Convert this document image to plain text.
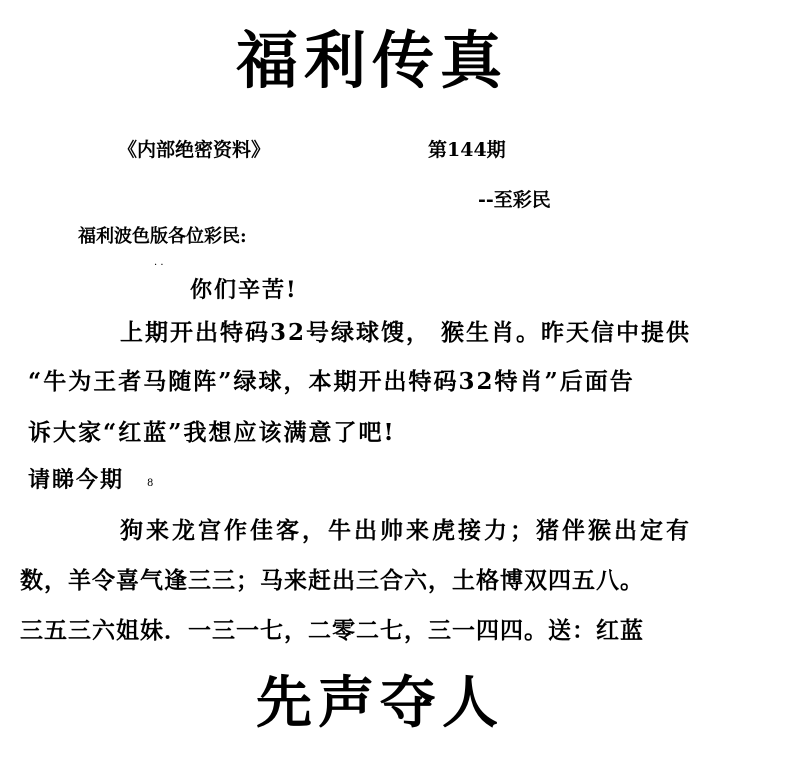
福利传真
《内部绝密资料》	第144期
--至彩民
福利波色版各位彩民:
· ·
你们辛苦!
上期开出特码32号绿球馊， 猴生肖。昨天信中提供
“牛为王者马随阵”绿球，本期开出特码32特肖”后面告
诉大家“红蓝”我想应该满意了吧!
请睇今期 8
狗来龙宫作佳客，牛出帅来虎接力；猪伴猴出定有
数，羊令喜气逢三三；马来赶出三合六，土格博双四五八。
三五三六姐妹．一三一七，二零二七，三一四四。送：红蓝
先声夺人
